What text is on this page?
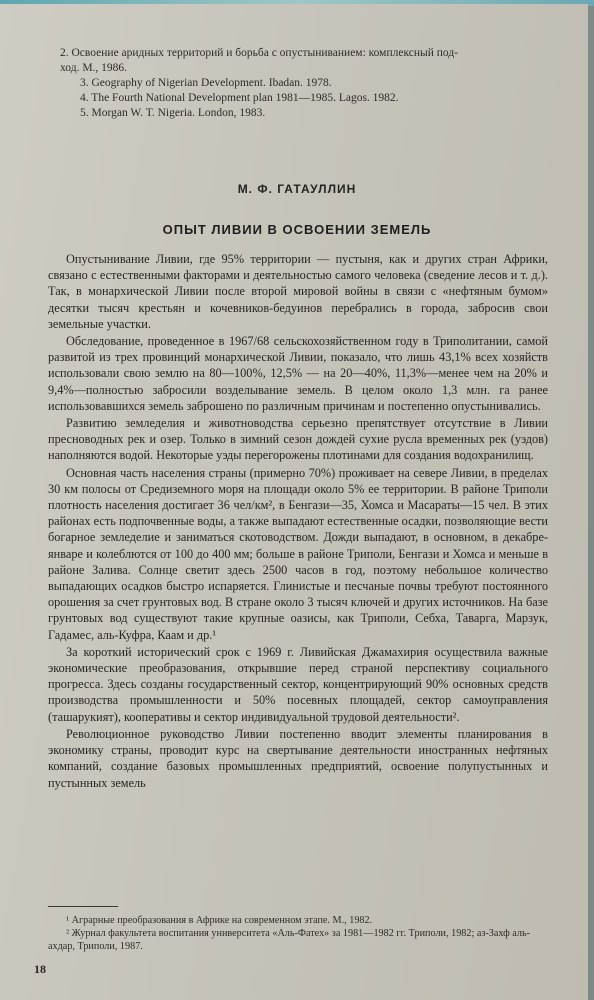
2. Освоение аридных территорий и борьба с опустыниванием: комплексный под-
ход. М., 1986.
3. Geography of Nigerian Development. Ibadan. 1978.
4. The Fourth National Development plan 1981—1985. Lagos. 1982.
5. Morgan W. T. Nigeria. London, 1983.
М. Ф. ГАТАУЛЛИН
ОПЫТ ЛИВИИ В ОСВОЕНИИ ЗЕМЕЛЬ

Опустынивание Ливии, где 95% территории — пустыня, как и других стран Африки, связано с естественными факторами и деятельностью самого человека (сведение лесов и т. д.). Так, в монархической Ливии после второй мировой войны в связи с «нефтяным бумом» десятки тысяч крестьян и кочевников-бедуинов перебрались в города, забросив свои земельные участки.

Обследование, проведенное в 1967/68 сельскохозяйственном году в Триполитании, самой развитой из трех провинций монархической Ливии, показало, что лишь 43,1% всех хозяйств использовали свою землю на 80—100%, 12,5% — на 20—40%, 11,3%—менее чем на 20% и 9,4%—полностью забросили возделывание земель. В целом около 1,3 млн. га ранее использовавшихся земель заброшено по различным причинам и постепенно опустынивались.

Развитию земледелия и животноводства серьезно препятствует отсутствие в Ливии пресноводных рек и озер. Только в зимний сезон дождей сухие русла временных рек (уэдов) наполняются водой. Некоторые уэды перегорожены плотинами для создания водохранилищ.

Основная часть населения страны (примерно 70%) проживает на севере Ливии, в пределах 30 км полосы от Средиземного моря на площади около 5% ее территории. В районе Триполи плотность населения достигает 36 чел/км², в Бенгази—35, Хомса и Масараты—15 чел. В этих районах есть подпочвенные воды, а также выпадают естественные осадки, позволяющие вести богарное земледелие и заниматься скотоводством. Дожди выпадают, в основном, в декабре-январе и колеблются от 100 до 400 мм; больше в районе Триполи, Бенгази и Хомса и меньше в районе Залива. Солнце светит здесь 2500 часов в год, поэтому небольшое количество выпадающих осадков быстро испаряется. Глинистые и песчаные почвы требуют постоянного орошения за счет грунтовых вод. В стране около 3 тысяч ключей и других источников. На базе грунтовых вод существуют такие крупные оазисы, как Триполи, Себха, Таварга, Марзук, Гадамес, аль-Куфра, Каам и др.¹

За короткий исторический срок с 1969 г. Ливийская Джамахирия осуществила важные экономические преобразования, открывшие перед страной перспективу социального прогресса. Здесь созданы государственный сектор, концентрирующий 90% основных средств производства промышленности и 50% посевных площадей, сектор самоуправления (ташарукият), кооперативы и сектор индивидуальной трудовой деятельности².

Революционное руководство Ливии постепенно вводит элементы планирования в экономику страны, проводит курс на свертывание деятельности иностранных нефтяных компаний, создание базовых промышленных предприятий, освоение полупустынных и пустынных земель

¹ Аграрные преобразования в Африке на современном этапе. М., 1982.

² Журнал факультета воспитания университета «Аль-Фатех» за 1981—1982 гг. Триполи, 1982; аз-Захф аль-ахдар, Триполи, 1987.

18
